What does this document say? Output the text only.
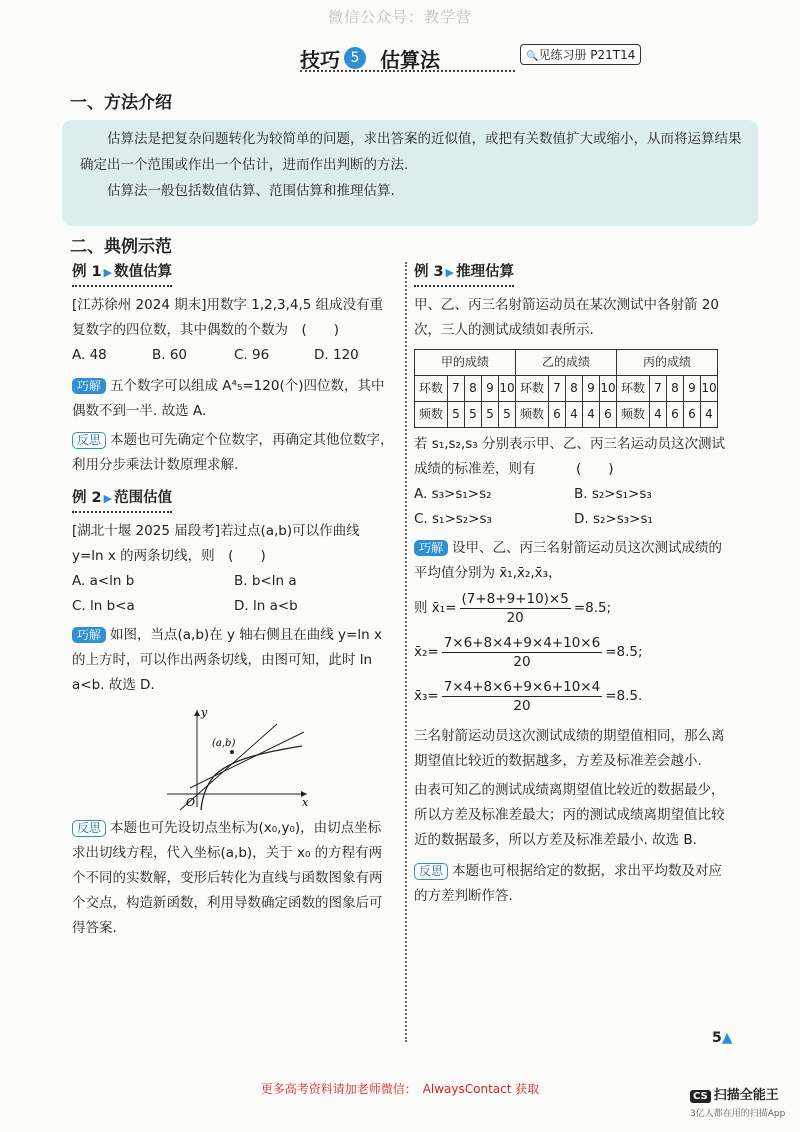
微信公众号：教学营
技巧 5	估算法	🔍见练习册 P21T14
一、方法介绍

估算法是把复杂问题转化为较简单的问题，求出答案的近似值，或把有关数值扩大或缩小，从而将运算结果确定出一个范围或作出一个估计，进而作出判断的方法.

估算法一般包括数值估算、范围估算和推理估算.

二、典例示范
例 1 ▶ 数值估算

[江苏徐州 2024 期末]用数字 1,2,3,4,5 组成没有重复数字的四位数，其中偶数的个数为　(　　)

A. 48	B. 60	C. 96	D. 120

巧解 五个数字可以组成 A⁴₅=120(个)四位数，其中偶数不到一半. 故选 A.

反思 本题也可先确定个位数字，再确定其他位数字，利用分步乘法计数原理求解.

例 2 ▶ 范围估值

[湖北十堰 2025 届段考]若过点(a,b)可以作曲线 y=ln x 的两条切线，则　(　　)

A. a<ln b	B. b<ln a
C. ln b<a	D. ln a<b

巧解 如图，当点(a,b)在 y 轴右侧且在曲线 y=ln x 的上方时，可以作出两条切线，由图可知，此时 ln a<b. 故选 D.

(a,b)
O	x
y

反思 本题也可先设切点坐标为(x₀,y₀)，由切点坐标求出切线方程，代入坐标(a,b)，关于 x₀ 的方程有两个不同的实数解，变形后转化为直线与函数图象有两个交点，构造新函数，利用导数确定函数的图象后可得答案.

例 3 ▶ 推理估算

甲、乙、丙三名射箭运动员在某次测试中各射箭 20 次，三人的测试成绩如表所示.

甲的成绩					乙的成绩					丙的成绩				
环数	7	8	9	10	环数	7	8	9	10	环数	7	8	9	10
频数	5	5	5	5	频数	6	4	4	6	频数	4	6	6	4

若 s₁,s₂,s₃ 分别表示甲、乙、丙三名运动员这次测试成绩的标准差，则有　　　(　　)

A. s₃>s₁>s₂	B. s₂>s₁>s₃
C. s₁>s₂>s₃	D. s₂>s₃>s₁

巧解 设甲、乙、丙三名射箭运动员这次测试成绩的平均值分别为 x̄₁,x̄₂,x̄₃，

则 x̄₁= $\frac{(7+8+9+10)\times 5}{20} =8.5$;
x̄₂= $\frac{7\times 6+8\times 4+9\times 4+10\times 6}{20} =8.5$;
x̄₃= $\frac{7\times 4+8\times 6+9\times 6+10\times 4}{20} =8.5$.

三名射箭运动员这次测试成绩的期望值相同，那么离期望值比较近的数据越多，方差及标准差会越小.

由表可知乙的测试成绩离期望值比较近的数据最少，所以方差及标准差最大；丙的测试成绩离期望值比较近的数据最多，所以方差及标准差最小. 故选 B.

反思 本题也可根据给定的数据，求出平均数及对应的方差判断作答.

5▲
更多高考资料请加老师微信：　AlwaysContact 获取
CS 扫描全能王
3亿人都在用的扫描App
